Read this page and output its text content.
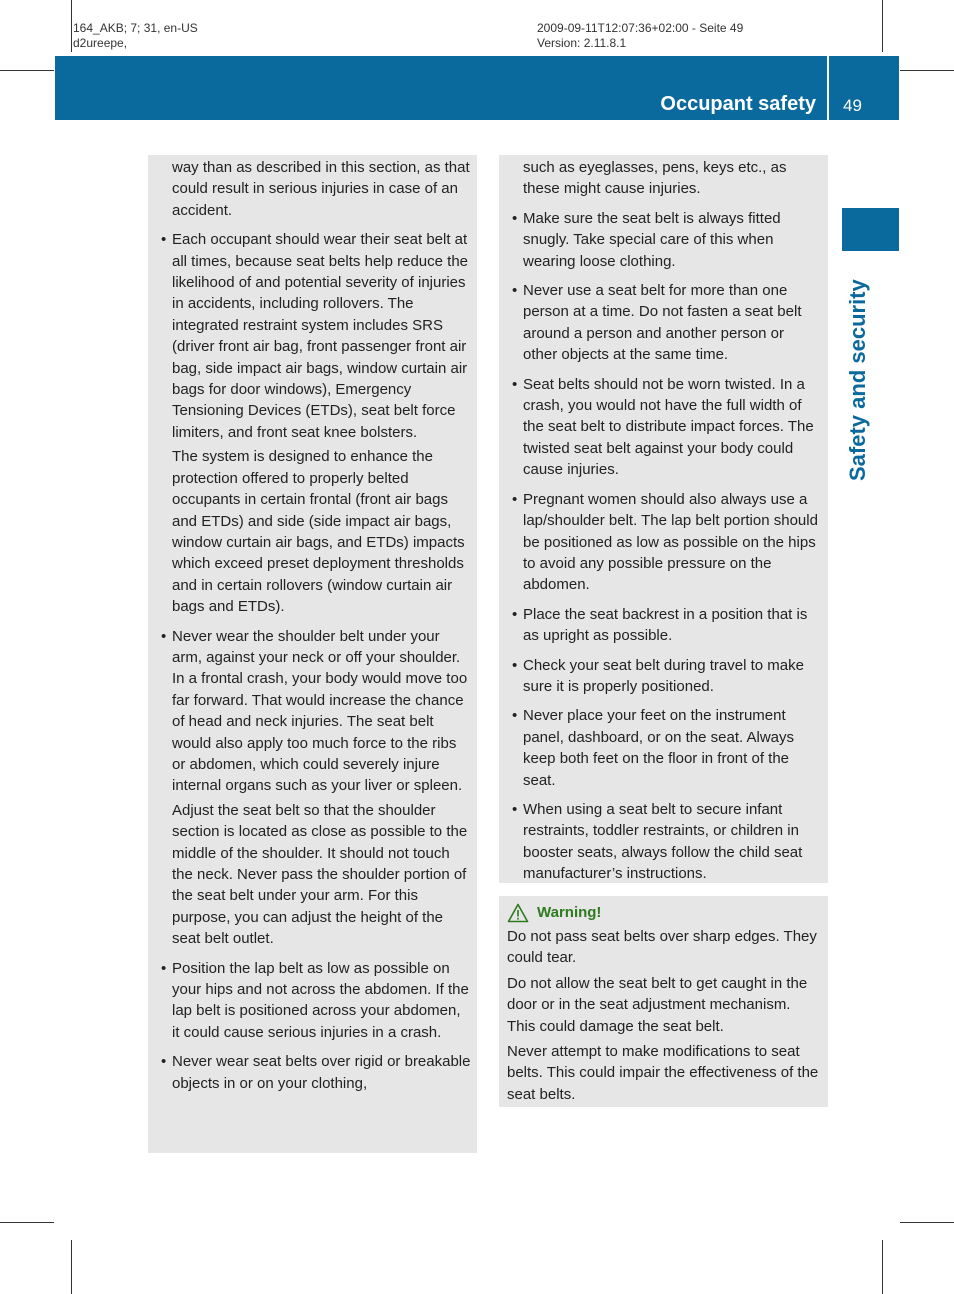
164_AKB; 7; 31, en-US
d2ureepe,
2009-09-11T12:07:36+02:00 - Seite 49
Version: 2.11.8.1
Occupant safety 49
Safety and security

way than as described in this section, as that could result in serious injuries in case of an accident.

• Each occupant should wear their seat belt at all times, because seat belts help reduce the likelihood of and potential severity of injuries in accidents, including rollovers. The integrated restraint system includes SRS (driver front air bag, front passenger front air bag, side impact air bags, window curtain air bags for door windows), Emergency Tensioning Devices (ETDs), seat belt force limiters, and front seat knee bolsters.

The system is designed to enhance the protection offered to properly belted occupants in certain frontal (front air bags and ETDs) and side (side impact air bags, window curtain air bags, and ETDs) impacts which exceed preset deployment thresholds and in certain rollovers (window curtain air bags and ETDs).

• Never wear the shoulder belt under your arm, against your neck or off your shoulder. In a frontal crash, your body would move too far forward. That would increase the chance of head and neck injuries. The seat belt would also apply too much force to the ribs or abdomen, which could severely injure internal organs such as your liver or spleen.

Adjust the seat belt so that the shoulder section is located as close as possible to the middle of the shoulder. It should not touch the neck. Never pass the shoulder portion of the seat belt under your arm. For this purpose, you can adjust the height of the seat belt outlet.

• Position the lap belt as low as possible on your hips and not across the abdomen. If the lap belt is positioned across your abdomen, it could cause serious injuries in a crash.

• Never wear seat belts over rigid or breakable objects in or on your clothing,

such as eyeglasses, pens, keys etc., as these might cause injuries.

• Make sure the seat belt is always fitted snugly. Take special care of this when wearing loose clothing.

• Never use a seat belt for more than one person at a time. Do not fasten a seat belt around a person and another person or other objects at the same time.

• Seat belts should not be worn twisted. In a crash, you would not have the full width of the seat belt to distribute impact forces. The twisted seat belt against your body could cause injuries.

• Pregnant women should also always use a lap/shoulder belt. The lap belt portion should be positioned as low as possible on the hips to avoid any possible pressure on the abdomen.

• Place the seat backrest in a position that is as upright as possible.

• Check your seat belt during travel to make sure it is properly positioned.

• Never place your feet on the instrument panel, dashboard, or on the seat. Always keep both feet on the floor in front of the seat.

• When using a seat belt to secure infant restraints, toddler restraints, or children in booster seats, always follow the child seat manufacturer’s instructions.

Warning!

Do not pass seat belts over sharp edges. They could tear.

Do not allow the seat belt to get caught in the door or in the seat adjustment mechanism. This could damage the seat belt.

Never attempt to make modifications to seat belts. This could impair the effectiveness of the seat belts.
